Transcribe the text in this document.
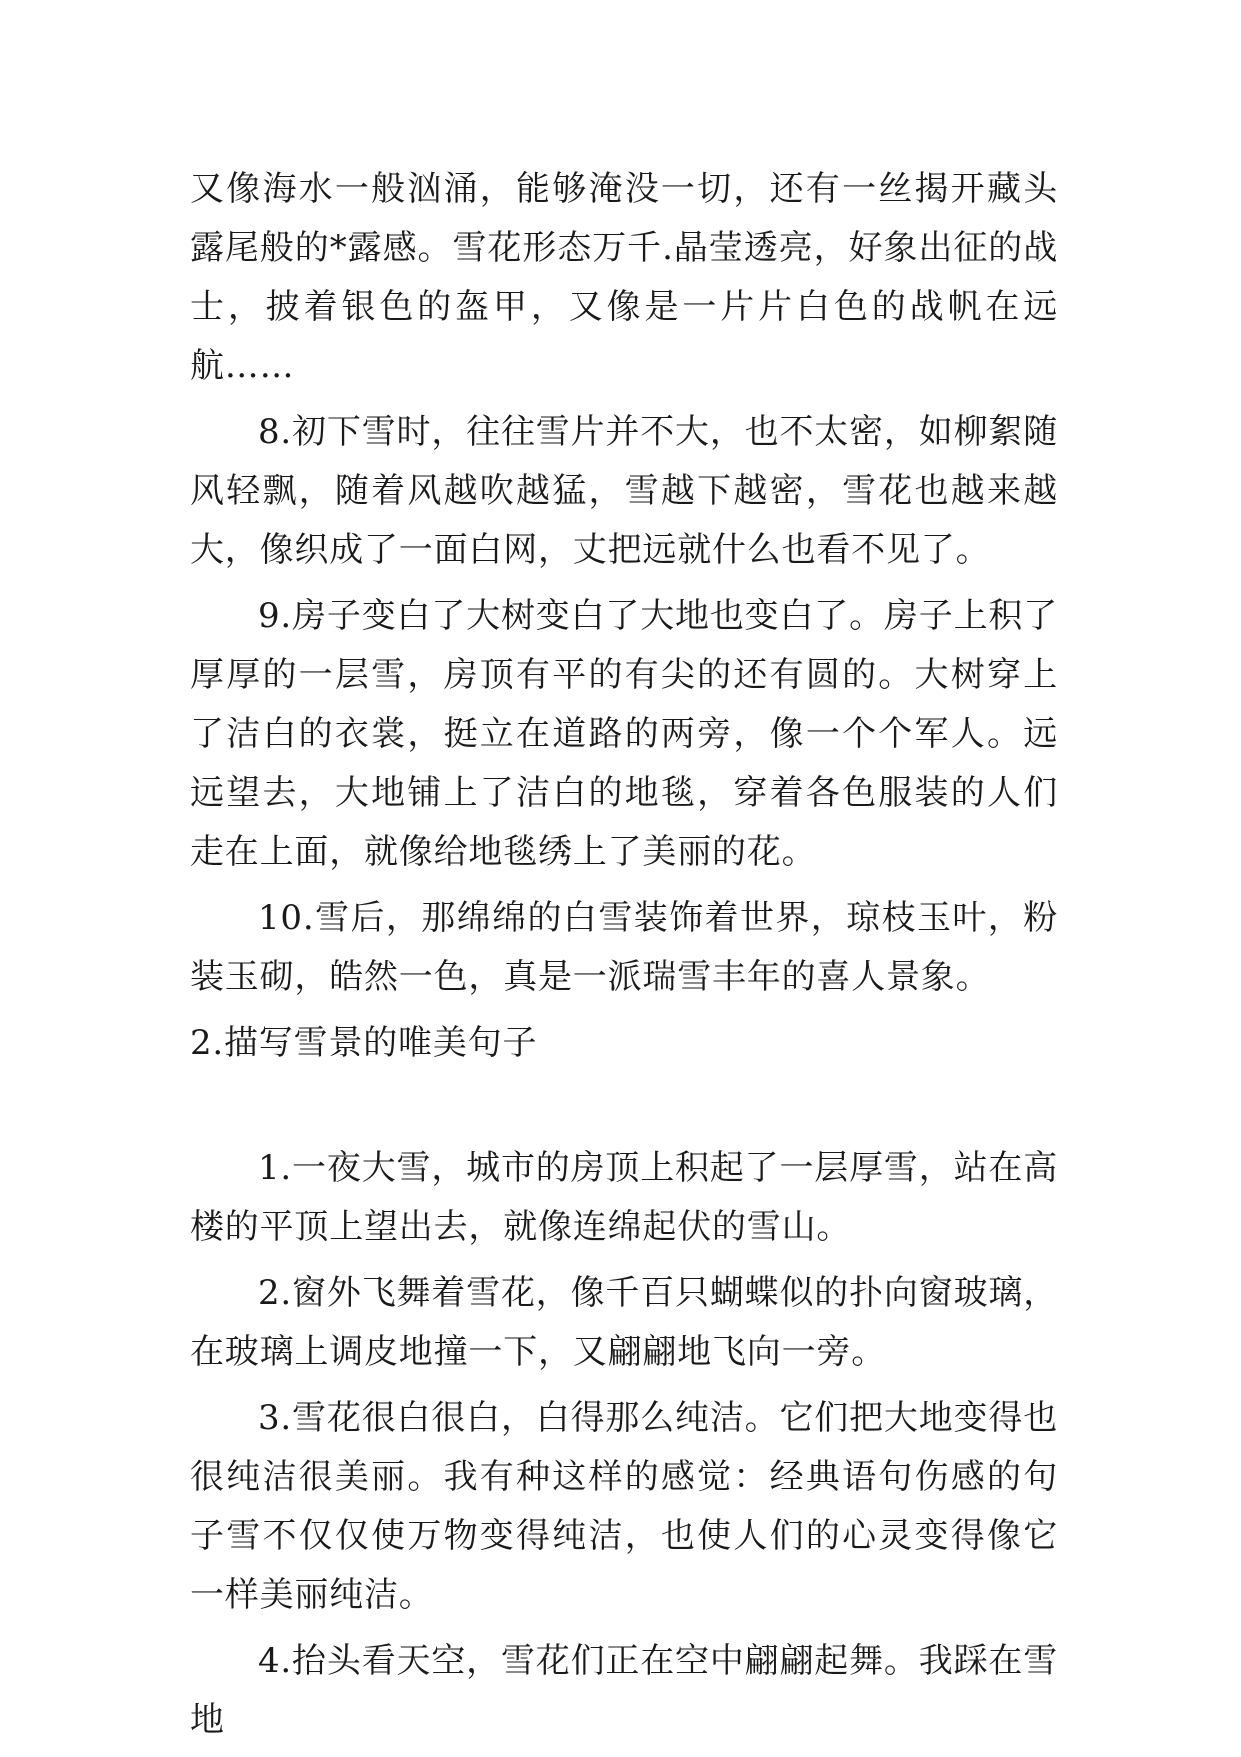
又像海水一般汹涌，能够淹没一切，还有一丝揭开藏头露尾般的*露感。雪花形态万千.晶莹透亮，好象出征的战士，披着银色的盔甲，又像是一片片白色的战帆在远航……

8.初下雪时，往往雪片并不大，也不太密，如柳絮随风轻飘，随着风越吹越猛，雪越下越密，雪花也越来越大，像织成了一面白网，丈把远就什么也看不见了。

9.房子变白了大树变白了大地也变白了。房子上积了厚厚的一层雪，房顶有平的有尖的还有圆的。大树穿上了洁白的衣裳，挺立在道路的两旁，像一个个军人。远远望去，大地铺上了洁白的地毯，穿着各色服装的人们走在上面，就像给地毯绣上了美丽的花。

10.雪后，那绵绵的白雪装饰着世界，琼枝玉叶，粉装玉砌，皓然一色，真是一派瑞雪丰年的喜人景象。

2.描写雪景的唯美句子

1.一夜大雪，城市的房顶上积起了一层厚雪，站在高楼的平顶上望出去，就像连绵起伏的雪山。

2.窗外飞舞着雪花，像千百只蝴蝶似的扑向窗玻璃，在玻璃上调皮地撞一下，又翩翩地飞向一旁。

3.雪花很白很白，白得那么纯洁。它们把大地变得也很纯洁很美丽。我有种这样的感觉：经典语句伤感的句子雪不仅仅使万物变得纯洁，也使人们的心灵变得像它一样美丽纯洁。

4.抬头看天空，雪花们正在空中翩翩起舞。我踩在雪地
